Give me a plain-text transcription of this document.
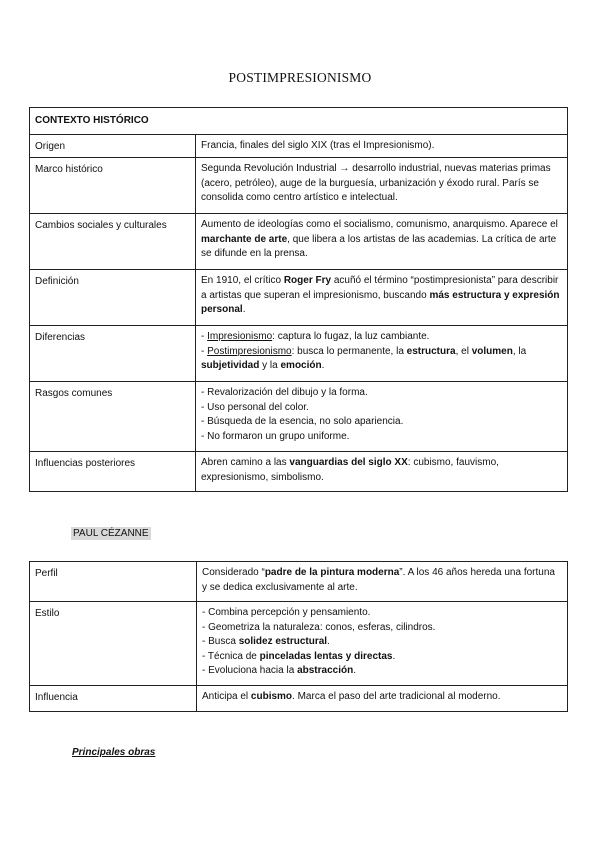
POSTIMPRESIONISMO
CONTEXTO HISTÓRICO	
Origen	Francia, finales del siglo XIX (tras el Impresionismo).
Marco histórico	Segunda Revolución Industrial → desarrollo industrial, nuevas materias primas (acero, petróleo), auge de la burguesía, urbanización y éxodo rural. París se consolida como centro artístico e intelectual.
Cambios sociales y culturales	Aumento de ideologías como el socialismo, comunismo, anarquismo. Aparece el marchante de arte, que libera a los artistas de las academias. La crítica de arte se difunde en la prensa.
Definición	En 1910, el crítico Roger Fry acuñó el término “postimpresionista” para describir a artistas que superan el impresionismo, buscando más estructura y expresión personal.
Diferencias	- Impresionismo: captura lo fugaz, la luz cambiante.
- Postimpresionismo: busca lo permanente, la estructura, el volumen, la subjetividad y la emoción.

Rasgos comunes	- Revalorización del dibujo y la forma.
- Uso personal del color.
- Búsqueda de la esencia, no solo apariencia.
- No formaron un grupo uniforme.

Influencias posteriores	Abren camino a las vanguardias del siglo XX: cubismo, fauvismo, expresionismo, simbolismo.
PAUL CÉZANNE
Perfil	Considerado “padre de la pintura moderna”. A los 46 años hereda una fortuna y se dedica exclusivamente al arte.
Estilo	- Combina percepción y pensamiento.
- Geometriza la naturaleza: conos, esferas, cilindros.
- Busca solidez estructural.
- Técnica de pinceladas lentas y directas.
- Evoluciona hacia la abstracción.

Influencia	Anticipa el cubismo. Marca el paso del arte tradicional al moderno.
Principales obras
